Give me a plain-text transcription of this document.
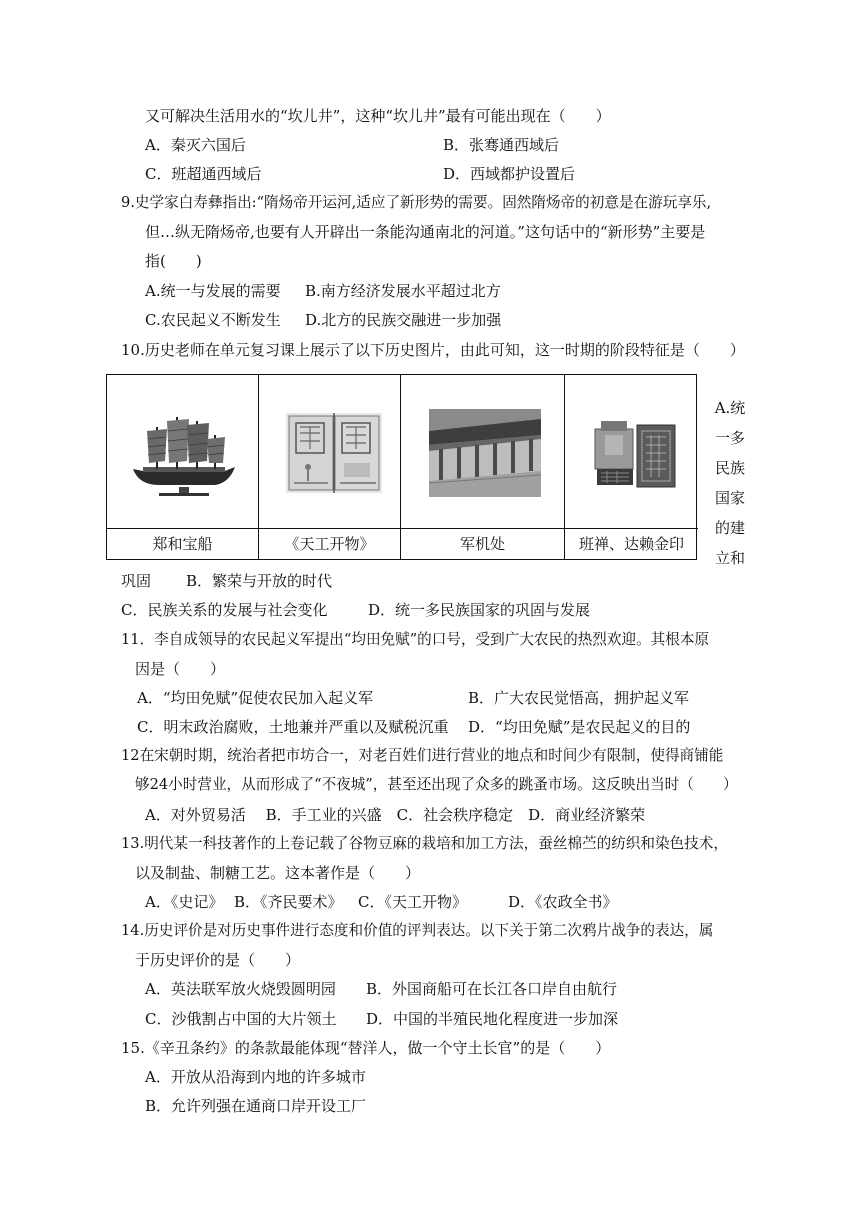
又可解决生活用水的“坎儿井”，这种“坎儿井”最有可能出现在（　　）
A．秦灭六国后	B．张骞通西域后
C．班超通西域后	D．西域都护设置后
9.史学家白寿彝指出:“隋炀帝开运河,适应了新形势的需要。固然隋炀帝的初意是在游玩享乐,
但…纵无隋炀帝,也要有人开辟出一条能沟通南北的河道。”这句话中的“新形势”主要是
指(　　)
A.统一与发展的需要 B.南方经济发展水平超过北方
C.农民起义不断发生 D.北方的民族交融进一步加强
10.历史老师在单元复习课上展示了以下历史图片，由此可知，这一时期的阶段特征是（　　）
郑和宝船	《天工开物》	军机处	班禅、达赖金印
A.统
一多
民族
国家
的建
立和
巩固 B．繁荣与开放的时代
C．民族关系的发展与社会变化	D．统一多民族国家的巩固与发展
11．李自成领导的农民起义军提出“均田免赋”的口号，受到广大农民的热烈欢迎。其根本原
因是（　　）
A．“均田免赋”促使农民加入起义军	B．广大农民觉悟高，拥护起义军
C．明末政治腐败，土地兼并严重以及赋税沉重 D．“均田免赋”是农民起义的目的
12在宋朝时期，统治者把市坊合一，对老百姓们进行营业的地点和时间少有限制，使得商铺能
够24小时营业，从而形成了“不夜城”，甚至还出现了众多的跳蚤市场。这反映出当时（　　）
A．对外贸易活　 B．手工业的兴盛　C．社会秩序稳定　D．商业经济繁荣
13.明代某一科技著作的上卷记载了谷物豆麻的栽培和加工方法，蚕丝棉苎的纺织和染色技术，
以及制盐、制糖工艺。这本著作是（　　）
A．《史记》 B．《齐民要术》 C．《天工开物》	D．《农政全书》
14.历史评价是对历史事件进行态度和价值的评判表达。以下关于第二次鸦片战争的表达，属
于历史评价的是（　　）
A．英法联军放火烧毁圆明园 B．外国商船可在长江各口岸自由航行
C．沙俄割占中国的大片领土 D．中国的半殖民地化程度进一步加深
15.《辛丑条约》的条款最能体现“替洋人，做一个守土长官”的是（　　）
A．开放从沿海到内地的许多城市
B．允许列强在通商口岸开设工厂
